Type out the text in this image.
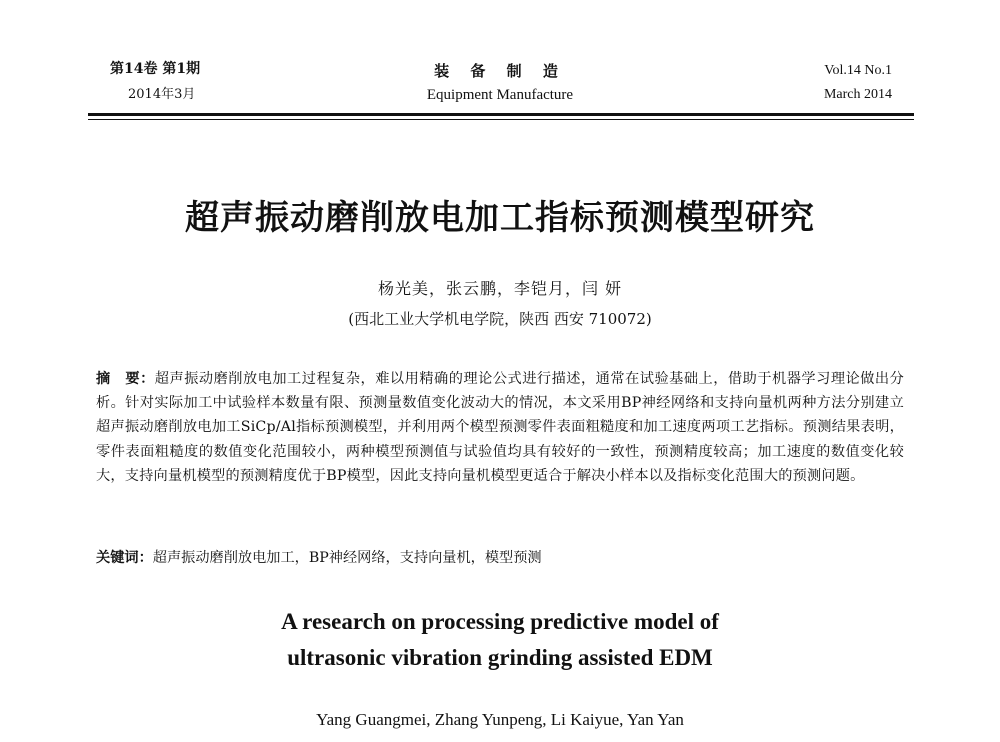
第14卷 第1期
2014年3月
装 备 制 造
Equipment Manufacture
Vol.14 No.1
March 2014
超声振动磨削放电加工指标预测模型研究
杨光美，张云鹏，李铠月，闫 妍
(西北工业大学机电学院，陕西 西安 710072)
摘　要：超声振动磨削放电加工过程复杂，难以用精确的理论公式进行描述，通常在试验基础上，借助于机器学习理论做出分析。针对实际加工中试验样本数量有限、预测量数值变化波动大的情况，本文采用BP神经网络和支持向量机两种方法分别建立超声振动磨削放电加工SiCp/Al指标预测模型，并利用两个模型预测零件表面粗糙度和加工速度两项工艺指标。预测结果表明，零件表面粗糙度的数值变化范围较小，两种模型预测值与试验值均具有较好的一致性，预测精度较高；加工速度的数值变化较大，支持向量机模型的预测精度优于BP模型，因此支持向量机模型更适合于解决小样本以及指标变化范围大的预测问题。
关键词：超声振动磨削放电加工，BP神经网络，支持向量机，模型预测
A research on processing predictive model of
ultrasonic vibration grinding assisted EDM
Yang Guangmei, Zhang Yunpeng, Li Kaiyue, Yan Yan
